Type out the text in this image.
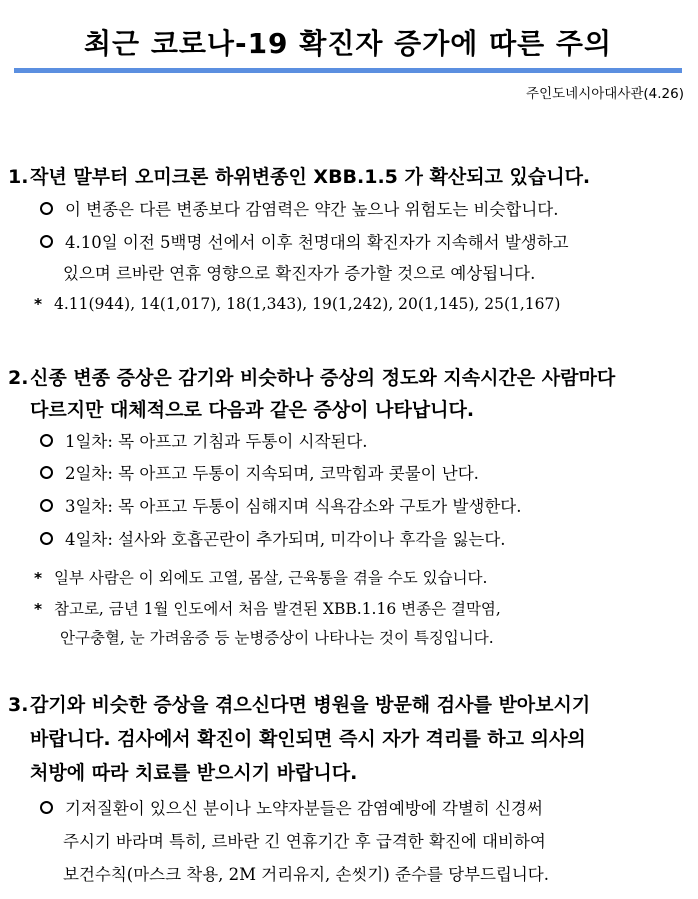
최근 코로나-19 확진자 증가에 따른 주의
주인도네시아대사관(4.26)
1.작년 말부터 오미크론 하위변종인 XBB.1.5 가 확산되고 있습니다.
이 변종은 다른 변종보다 감염력은 약간 높으나 위험도는 비슷합니다.
4.10일 이전 5백명 선에서 이후 천명대의 확진자가 지속해서 발생하고
있으며 르바란 연휴 영향으로 확진자가 증가할 것으로 예상됩니다.
* 4.11(944), 14(1,017), 18(1,343), 19(1,242), 20(1,145), 25(1,167)
2.신종 변종 증상은 감기와 비슷하나 증상의 정도와 지속시간은 사람마다
다르지만 대체적으로 다음과 같은 증상이 나타납니다.
1일차: 목 아프고 기침과 두통이 시작된다.
2일차: 목 아프고 두통이 지속되며, 코막힘과 콧물이 난다.
3일차: 목 아프고 두통이 심해지며 식욕감소와 구토가 발생한다.
4일차: 설사와 호흡곤란이 추가되며, 미각이나 후각을 잃는다.
* 일부 사람은 이 외에도 고열, 몸살, 근육통을 겪을 수도 있습니다.
* 참고로, 금년 1월 인도에서 처음 발견된 XBB.1.16 변종은 결막염,
안구충혈, 눈 가려움증 등 눈병증상이 나타나는 것이 특징입니다.
3.감기와 비슷한 증상을 겪으신다면 병원을 방문해 검사를 받아보시기
바랍니다. 검사에서 확진이 확인되면 즉시 자가 격리를 하고 의사의
처방에 따라 치료를 받으시기 바랍니다.
기저질환이 있으신 분이나 노약자분들은 감염예방에 각별히 신경써
주시기 바라며 특히, 르바란 긴 연휴기간 후 급격한 확진에 대비하여
보건수칙(마스크 착용, 2M 거리유지, 손씻기) 준수를 당부드립니다.
